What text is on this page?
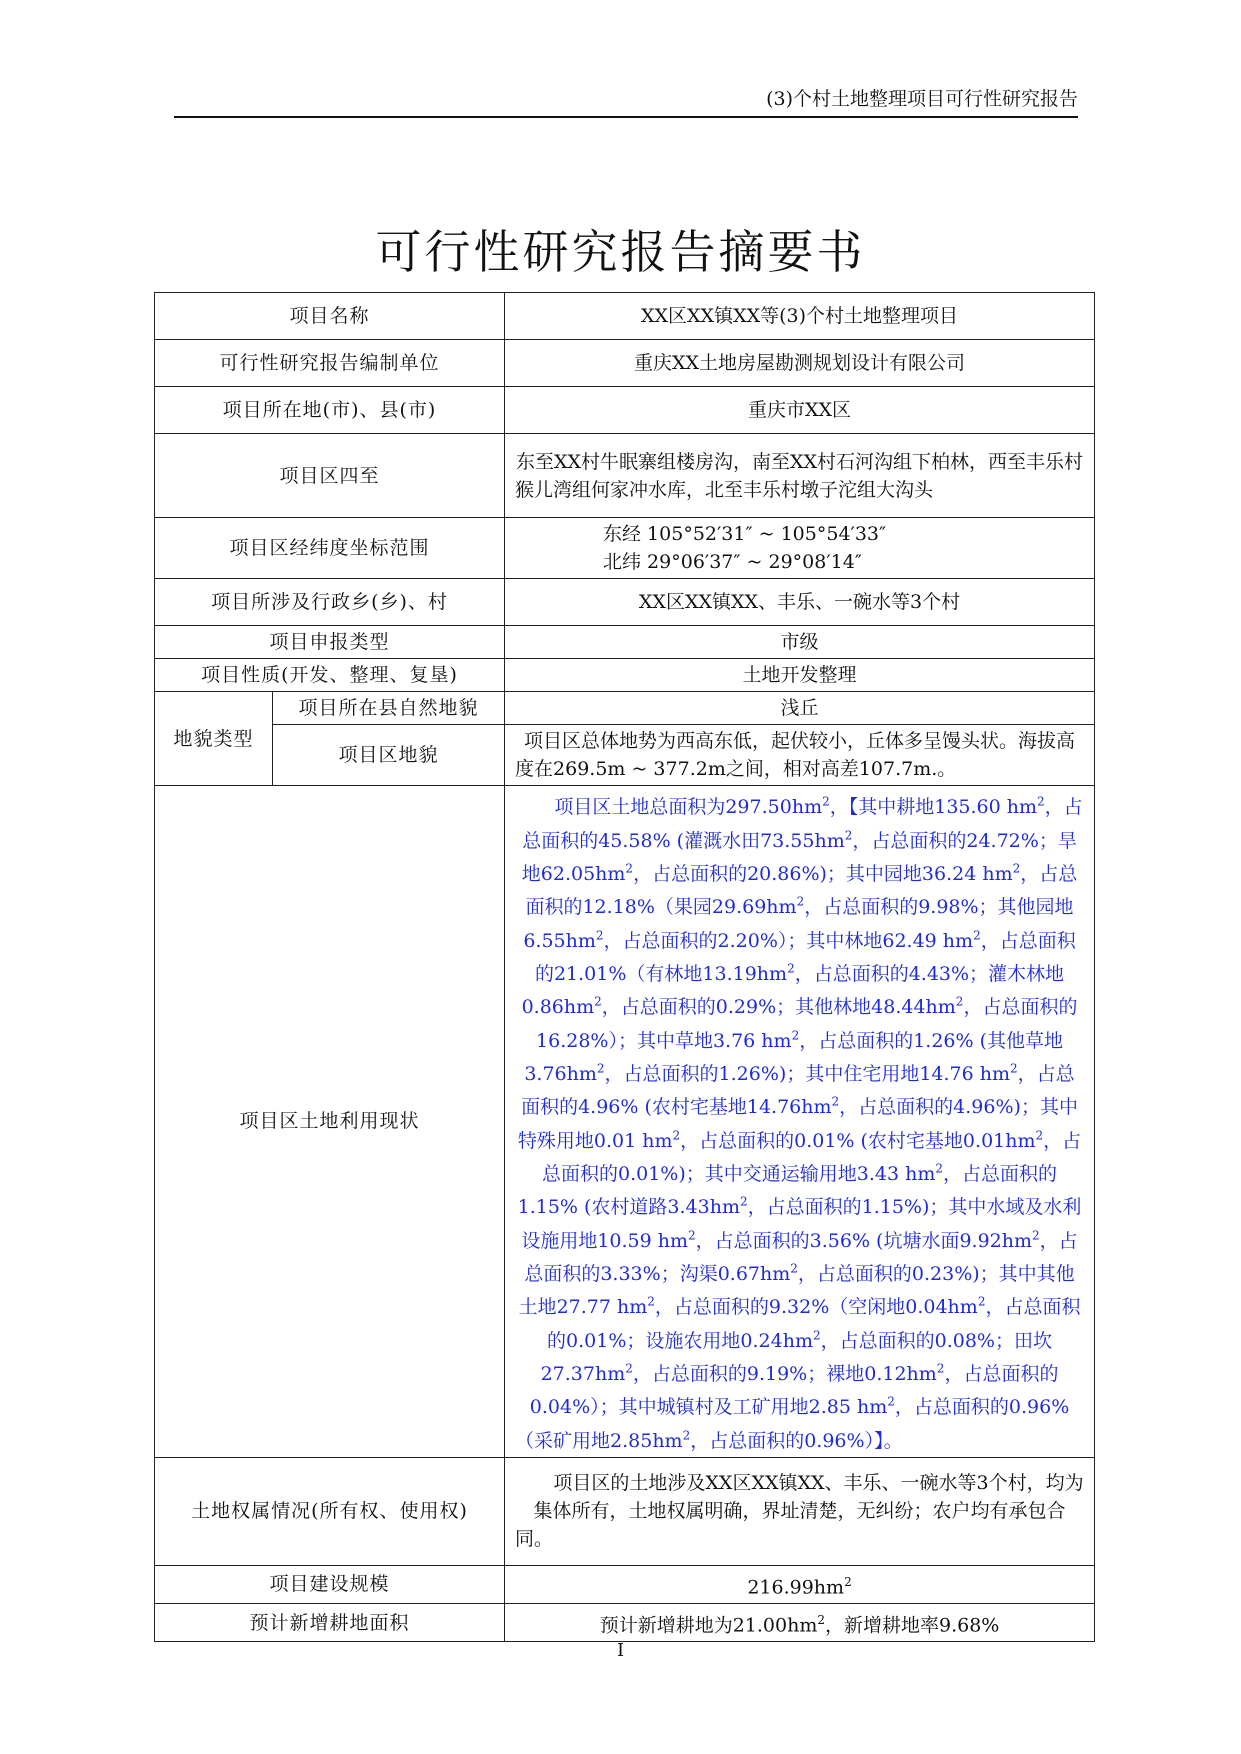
(3)个村土地整理项目可行性研究报告
可行性研究报告摘要书
项目名称		XX区XX镇XX等(3)个村土地整理项目
可行性研究报告编制单位		重庆XX土地房屋勘测规划设计有限公司
项目所在地(市)、县(市)		重庆市XX区
项目区四至		东至XX村牛眠寨组楼房沟，南至XX村石河沟组下柏林，西至丰乐村猴儿湾组何家冲水库，北至丰乐村墩子沱组大沟头
项目区经纬度坐标范围		东经 105°52′31″ ~ 105°54′33″
北纬 29°06′37″ ~ 29°08′14″

项目所涉及行政乡(乡)、村		XX区XX镇XX、丰乐、一碗水等3个村
项目申报类型		市级
项目性质(开发、整理、复垦)		土地开发整理
地貌类型	项目所在县自然地貌	浅丘
	项目区地貌	项目区总体地势为西高东低，起伏较小，丘体多呈馒头状。海拔高度在269.5m ~ 377.2m之间，相对高差107.7m.。
项目区土地利用现状		项目区土地总面积为$297.50hm^2$，【其中耕地135.60 $hm^2$，占总面积的45.58% (灌溉水田$73.55hm^2$，占总面积的24.72%；旱地$62.05hm^2$，占总面积的20.86%)；其中园地36.24 $hm^2$，占总面积的12.18%（果园$29.69hm^2$，占总面积的9.98%；其他园地$6.55hm^2$，占总面积的2.20%）；其中林地62.49 $hm^2$，占总面积的21.01%（有林地$13.19hm^2$，占总面积的4.43%；灌木林地$0.86hm^2$，占总面积的0.29%；其他林地$48.44hm^2$，占总面积的16.28%）；其中草地3.76 $hm^2$，占总面积的1.26% (其他草地$3.76hm^2$，占总面积的1.26%)；其中住宅用地14.76 $hm^2$，占总面积的4.96% (农村宅基地$14.76hm^2$，占总面积的4.96%)；其中特殊用地0.01 $hm^2$，占总面积的0.01% (农村宅基地$0.01hm^2$，占总面积的0.01%)；其中交通运输用地3.43 $hm^2$，占总面积的1.15% (农村道路$3.43hm^2$，占总面积的1.15%)；其中水域及水利设施用地10.59 $hm^2$，占总面积的3.56% (坑塘水面$9.92hm^2$，占总面积的3.33%；沟渠$0.67hm^2$，占总面积的0.23%)；其中其他土地27.77 $hm^2$，占总面积的9.32%（空闲地$0.04hm^2$，占总面积的0.01%；设施农用地$0.24hm^2$，占总面积的0.08%；田坎$27.37hm^2$，占总面积的9.19%；裸地$0.12hm^2$，占总面积的0.04%）；其中城镇村及工矿用地2.85 $hm^2$，占总面积的0.96%（采矿用地$2.85hm^2$，占总面积的0.96%）】。
土地权属情况(所有权、使用权)		项目区的土地涉及XX区XX镇XX、丰乐、一碗水等3个村，均为集体所有，土地权属明确，界址清楚，无纠纷；农户均有承包合同。
项目建设规模		$216.99hm^2$
预计新增耕地面积		预计新增耕地为$21.00hm^2$，新增耕地率9.68%
I
